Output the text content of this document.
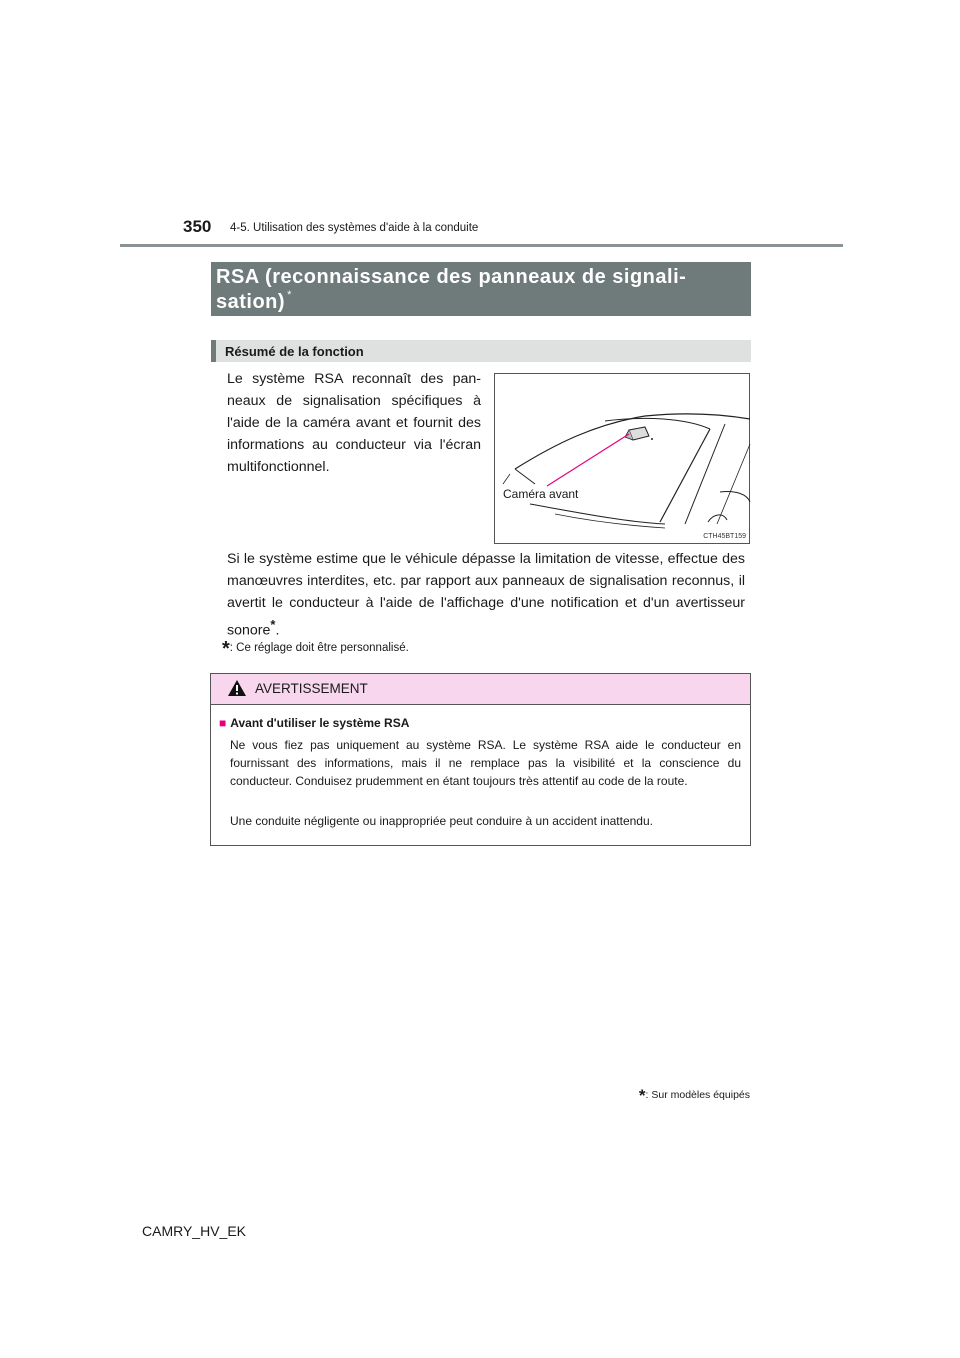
350 4-5. Utilisation des systèmes d'aide à la conduite
RSA (reconnaissance des panneaux de signali-
sation) *
Résumé de la fonction
Le système RSA reconnaît des pan-neaux de signalisation spécifiques à l'aide de la caméra avant et fournit des informations au conducteur via l'écran multifonctionnel.
Caméra avant
CTH45BT159
Si le système estime que le véhicule dépasse la limitation de vitesse, effectue des manœuvres interdites, etc. par rapport aux panneaux de signalisation reconnus, il avertit le conducteur à l'aide de l'affichage d'une notification et d'un avertisseur sonore*.
*: Ce réglage doit être personnalisé.
AVERTISSEMENT
■ Avant d'utiliser le système RSA
Ne vous fiez pas uniquement au système RSA. Le système RSA aide le conducteur en fournissant des informations, mais il ne remplace pas la visibilité et la conscience du conducteur. Conduisez prudemment en étant toujours très attentif au code de la route.
Une conduite négligente ou inappropriée peut conduire à un accident inattendu.
*: Sur modèles équipés
CAMRY_HV_EK
